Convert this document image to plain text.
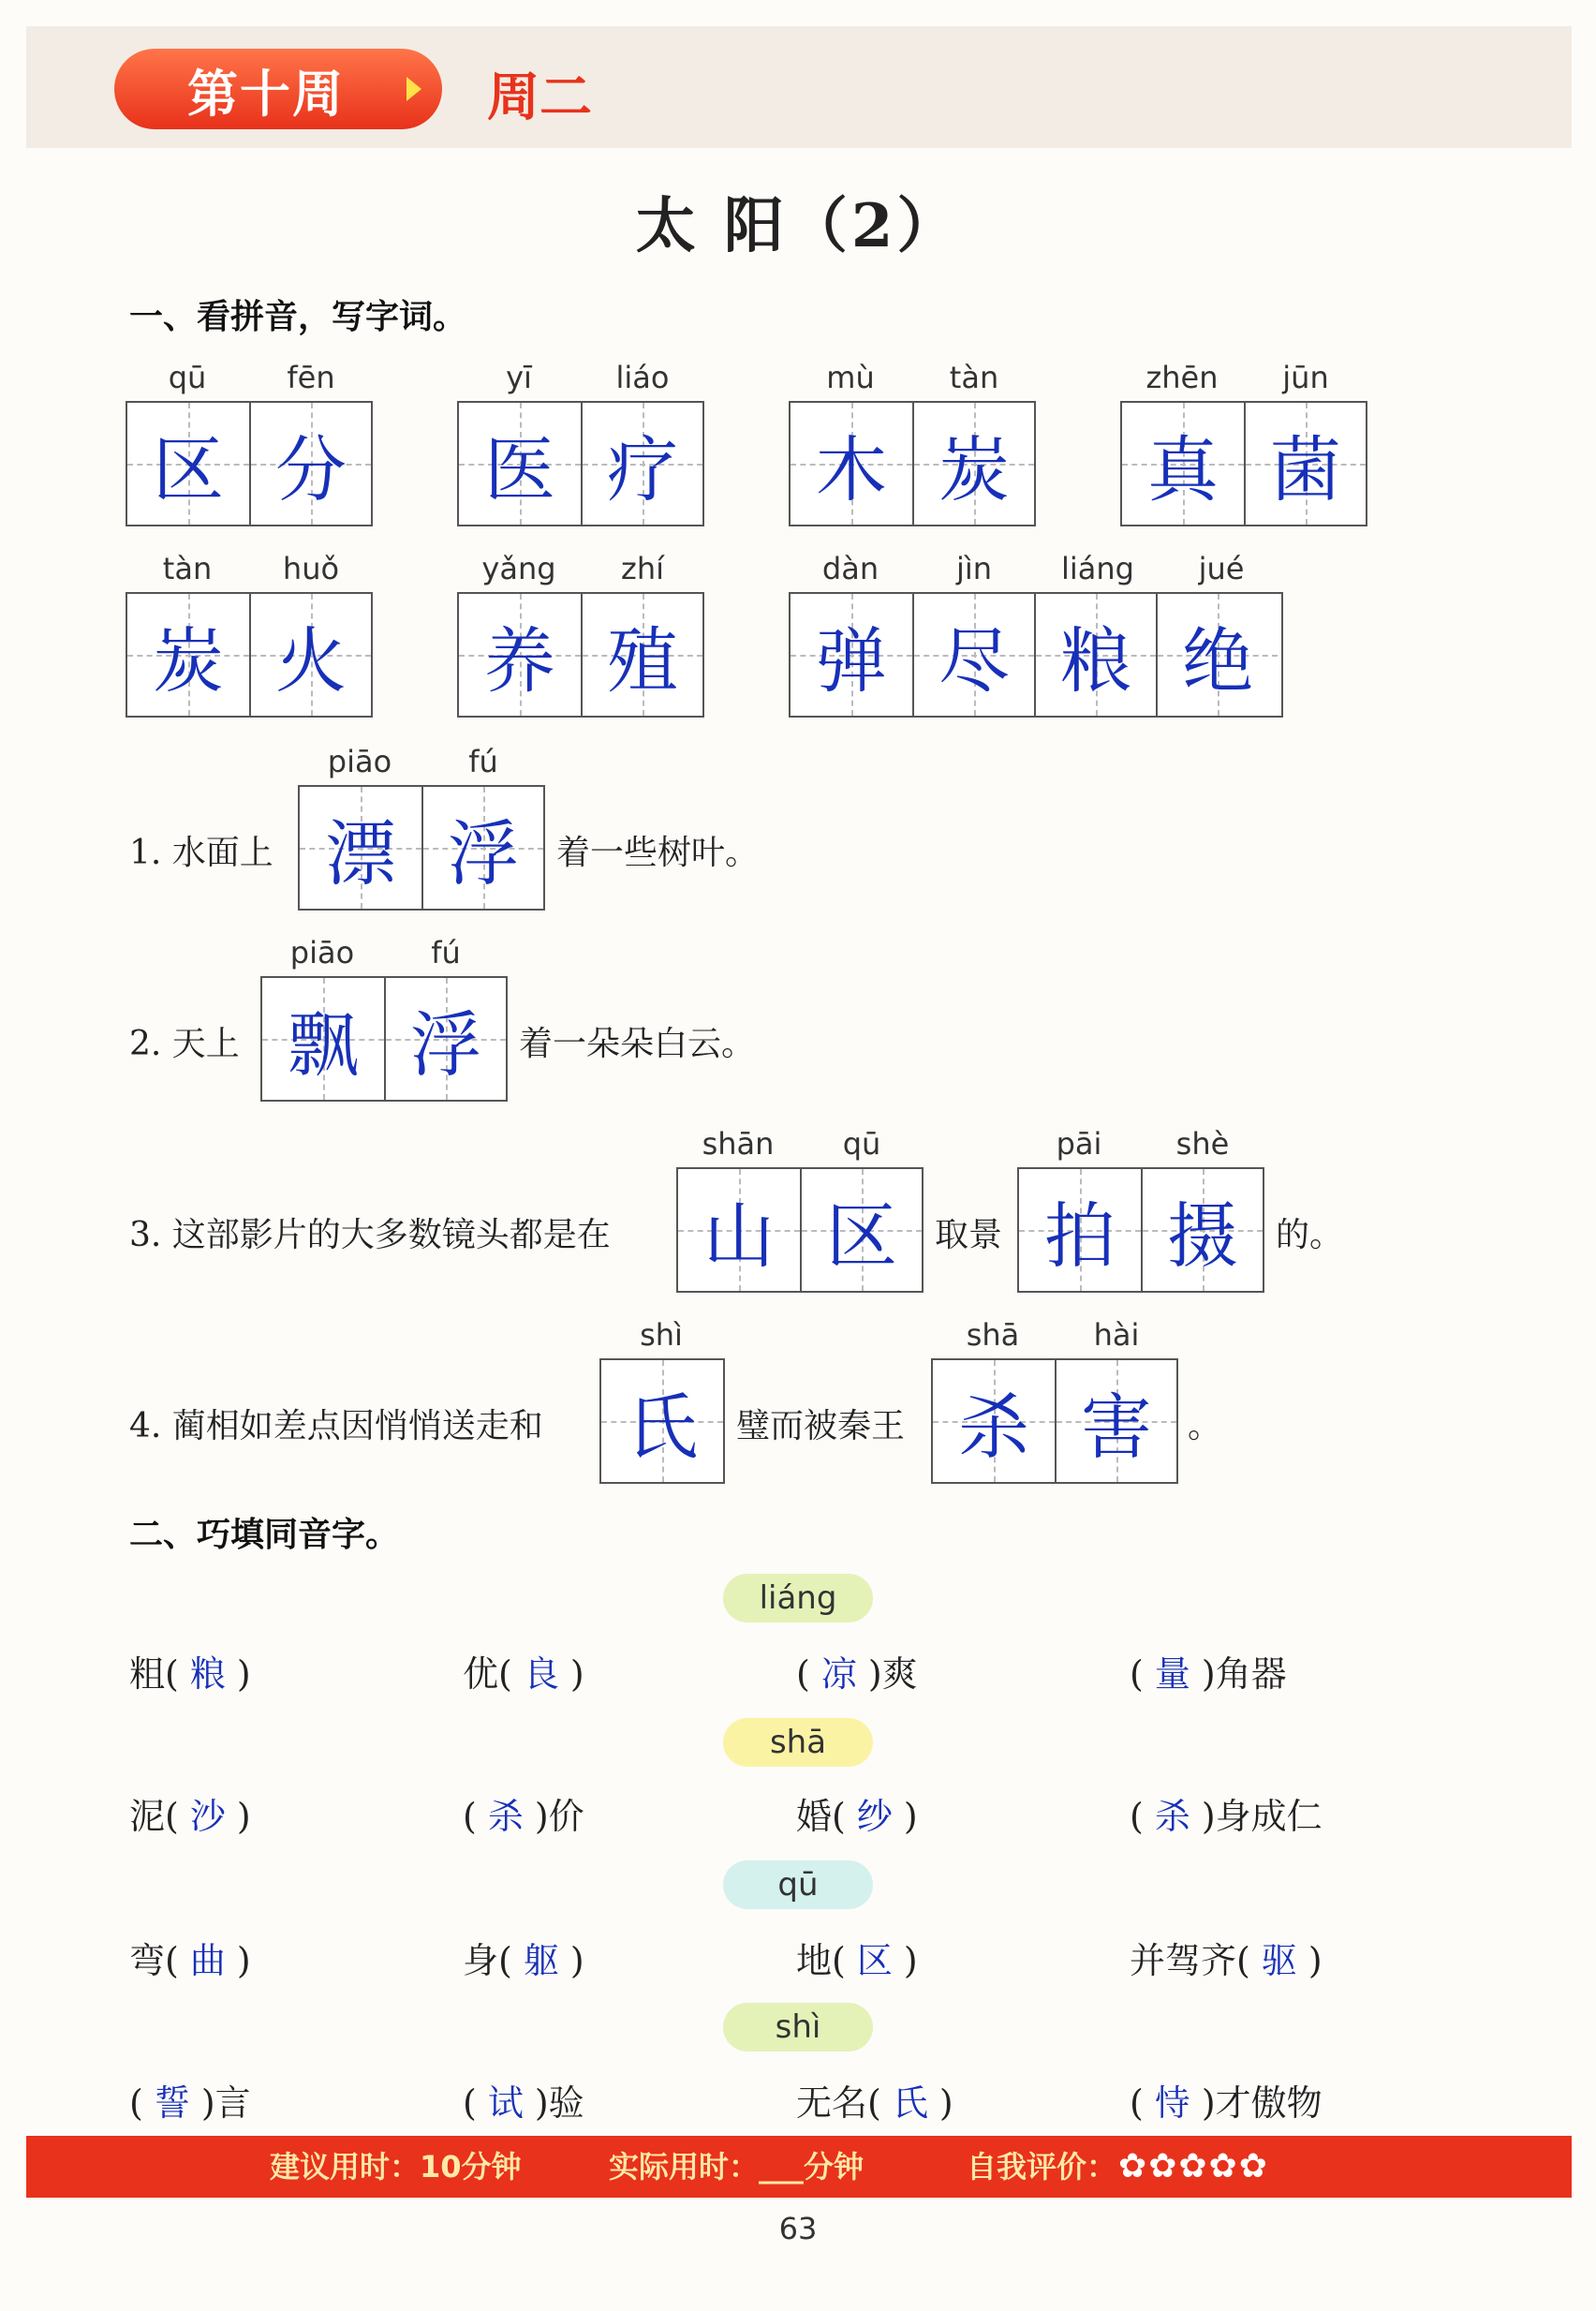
第十周	周二
太 阳（2）
一、看拼音，写字词。
qū	fēn
区 分
yī	liáo
医 疗
mù	tàn
木 炭
zhēn	jūn
真 菌
tàn	huǒ
炭 火
yǎng	zhí
养 殖
dàn	jìn	liáng	jué
弹 尽 粮 绝
1. 水面上
piāo	fú
漂 浮	着一些树叶。
2. 天上
piāo	fú
飘 浮	着一朵朵白云。
3. 这部影片的大多数镜头都是在
shān	qū
山 区	取景
pāi	shè
拍 摄	的。
4. 蔺相如差点因悄悄送走和
shì
氏	璧而被秦王
shā	hài
杀 害	。
二、巧填同音字。
liáng
粗( 粮 )	优( 良 )	( 凉 )爽	( 量 )角器
shā
泥( 沙 )	( 杀 )价	婚( 纱 )	( 杀 )身成仁
qū
弯( 曲 )	身( 躯 )	地( 区 )	并驾齐( 驱 )
shì
( 誓 )言	( 试 )验	无名( 氏 )	( 恃 )才傲物
建议用时：10分钟	实际用时：___分钟	自我评价：✿✿✿✿✿
63
